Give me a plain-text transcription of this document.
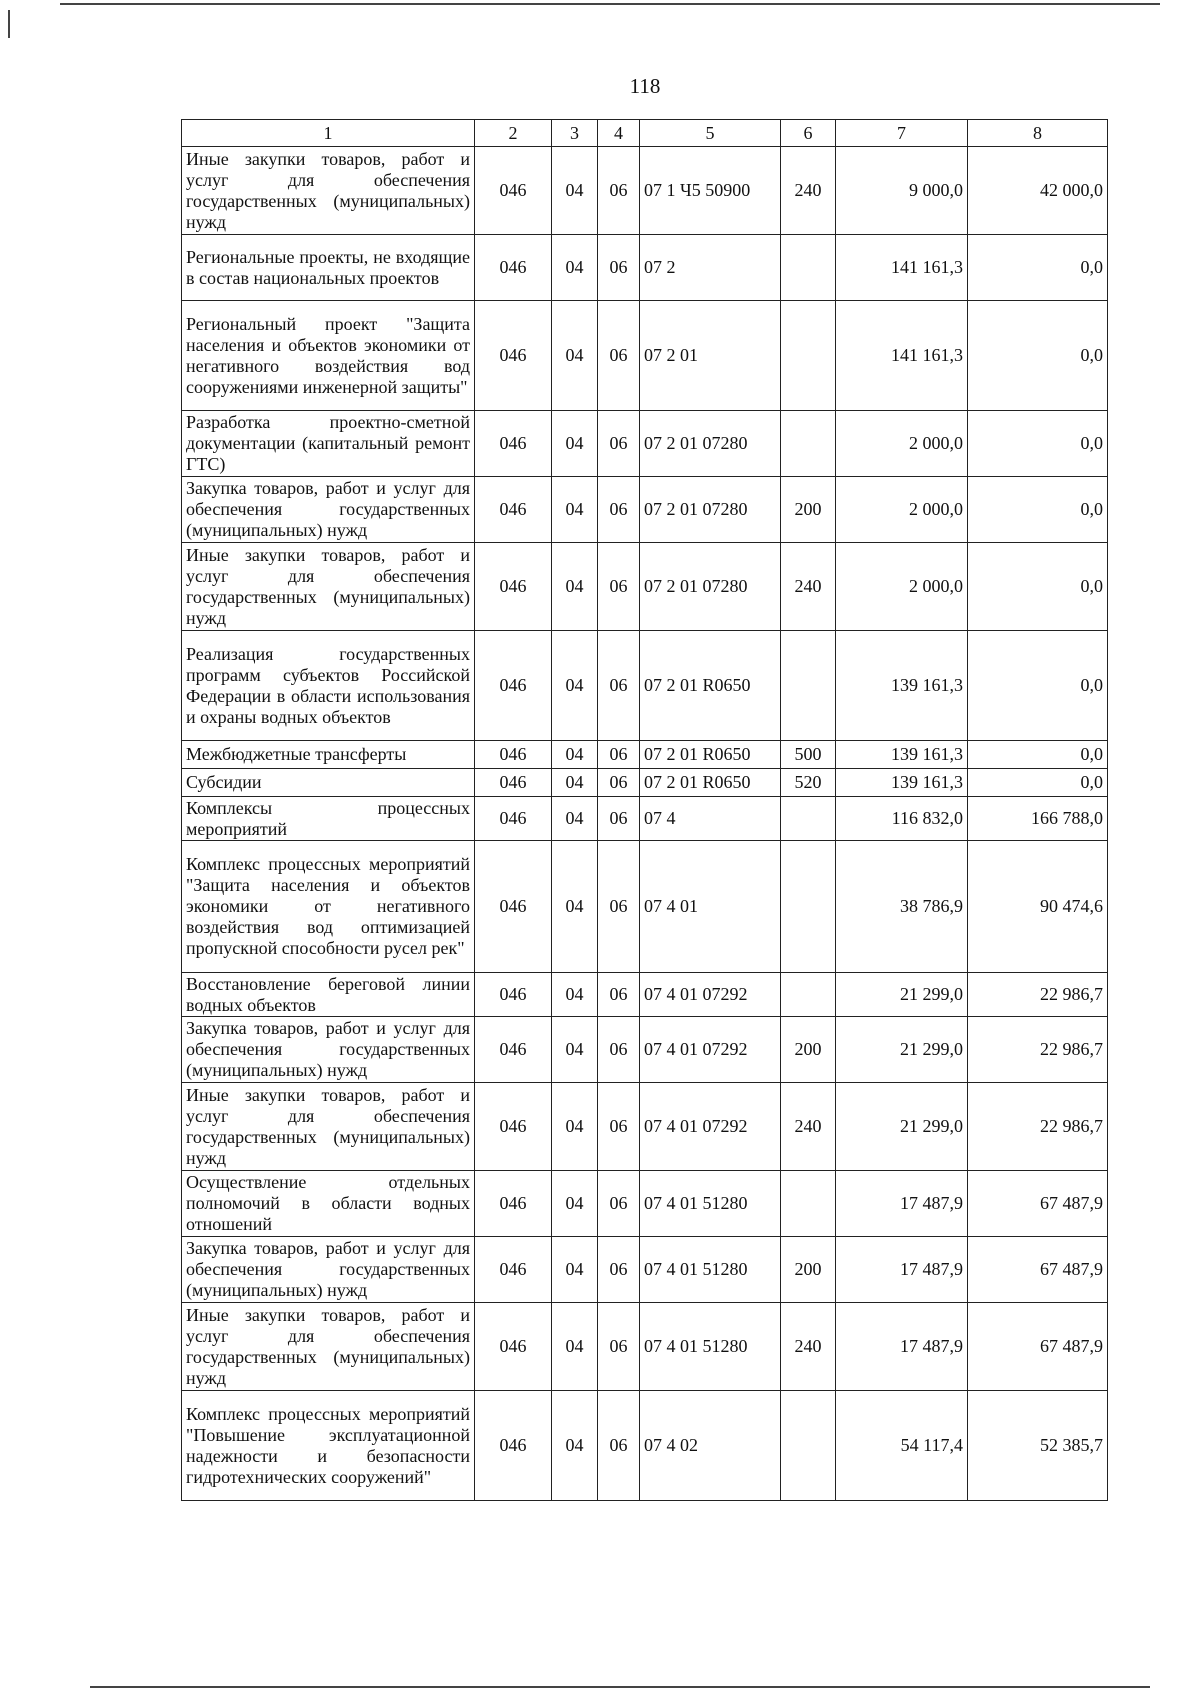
118
1	2	3	4	5	6	7	8
Иные закупки товаров, работ и услуг для обеспечения государственных (муниципальных) нужд	046	04	06	07 1 Ч5 50900	240	9 000,0	42 000,0
Региональные проекты, не входящие в состав национальных проектов	046	04	06	07 2		141 161,3	0,0
Региональный проект "Защита населения и объектов экономики от негативного воздействия вод сооружениями инженерной защиты"	046	04	06	07 2 01		141 161,3	0,0
Разработка проектно-сметной документации (капитальный ремонт ГТС)	046	04	06	07 2 01 07280		2 000,0	0,0
Закупка товаров, работ и услуг для обеспечения государственных (муниципальных) нужд	046	04	06	07 2 01 07280	200	2 000,0	0,0
Иные закупки товаров, работ и услуг для обеспечения государственных (муниципальных) нужд	046	04	06	07 2 01 07280	240	2 000,0	0,0
Реализация государственных программ субъектов Российской Федерации в области использования и охраны водных объектов	046	04	06	07 2 01 R0650		139 161,3	0,0
Межбюджетные трансферты	046	04	06	07 2 01 R0650	500	139 161,3	0,0
Субсидии	046	04	06	07 2 01 R0650	520	139 161,3	0,0
Комплексы процессных мероприятий	046	04	06	07 4		116 832,0	166 788,0
Комплекс процессных мероприятий "Защита населения и объектов экономики от негативного воздействия вод оптимизацией пропускной способности русел рек"	046	04	06	07 4 01		38 786,9	90 474,6
Восстановление береговой линии водных объектов	046	04	06	07 4 01 07292		21 299,0	22 986,7
Закупка товаров, работ и услуг для обеспечения государственных (муниципальных) нужд	046	04	06	07 4 01 07292	200	21 299,0	22 986,7
Иные закупки товаров, работ и услуг для обеспечения государственных (муниципальных) нужд	046	04	06	07 4 01 07292	240	21 299,0	22 986,7
Осуществление отдельных полномочий в области водных отношений	046	04	06	07 4 01 51280		17 487,9	67 487,9
Закупка товаров, работ и услуг для обеспечения государственных (муниципальных) нужд	046	04	06	07 4 01 51280	200	17 487,9	67 487,9
Иные закупки товаров, работ и услуг для обеспечения государственных (муниципальных) нужд	046	04	06	07 4 01 51280	240	17 487,9	67 487,9
Комплекс процессных мероприятий "Повышение эксплуатационной надежности и безопасности гидротехнических сооружений"	046	04	06	07 4 02		54 117,4	52 385,7
